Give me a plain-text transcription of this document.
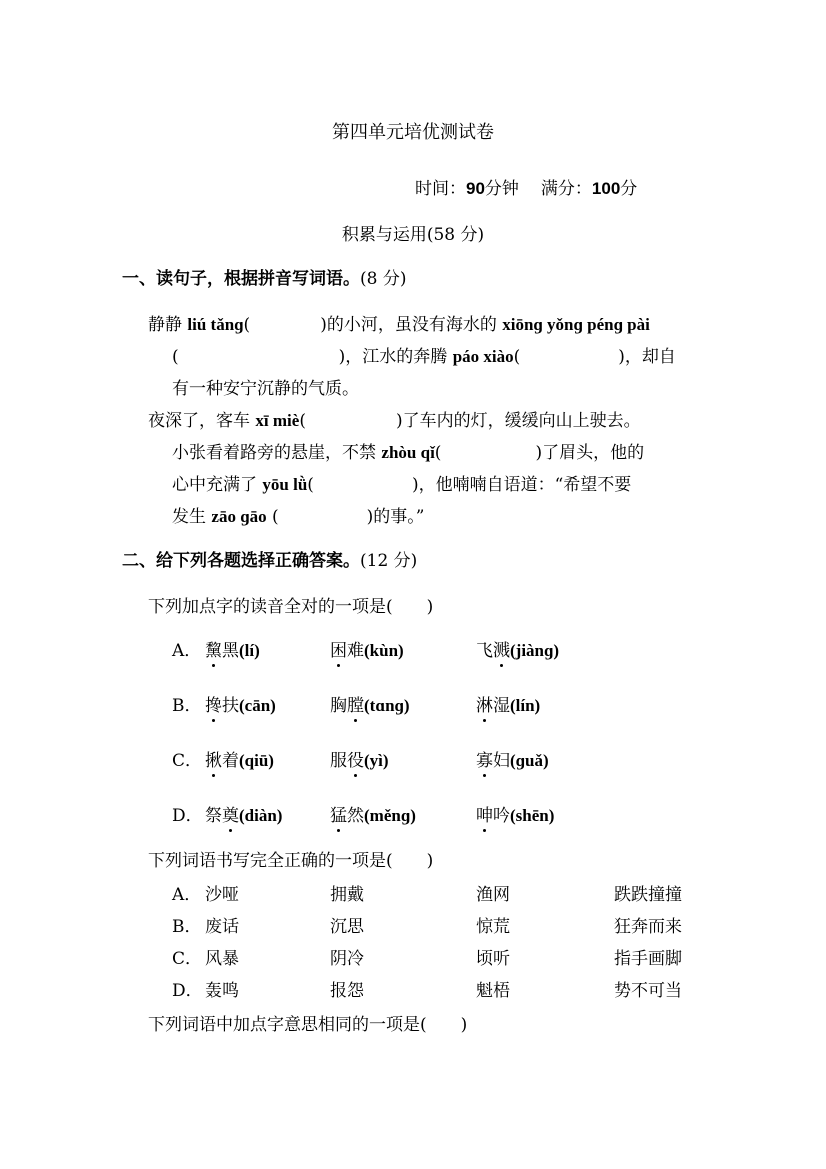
第四单元培优测试卷
时间：90分钟 满分：100分
积累与运用(58 分)
一、读句子，根据拼音写词语。(8 分)
静静 liú tǎnɡ(	)的小河，虽没有海水的 xiōnɡ yǒnɡ pénɡ pài
(	)，江水的奔腾 páo xiào(	)，却自
有一种安宁沉静的气质。
夜深了，客车 xī miè(	)了车内的灯，缓缓向山上驶去。
小张看着路旁的悬崖，不禁 zhòu qǐ(	)了眉头，他的
心中充满了 yōu lǜ(	)，他喃喃自语道：“希望不要
发生 zāo ɡāo (	)的事。”
二、给下列各题选择正确答案。(12 分)
下列加点字的读音全对的一项是(　　)
A． 黧黑(lí)	困难(kùn)	飞溅(jiànɡ)
B． 搀扶(cān)	胸膛(tɑnɡ)	淋湿(lín)
C． 揪着(qiū)	服役(yì)	寡妇(ɡuǎ)
D． 祭奠(diàn)	猛然(měnɡ)	呻吟(shēn)
下列词语书写完全正确的一项是(　　)
A． 沙哑	拥戴	渔网	跌跌撞撞
B． 废话	沉思	惊荒	狂奔而来
C． 风暴	阴冷	顷听	指手画脚
D． 轰鸣	报怨	魁梧	势不可当
下列词语中加点字意思相同的一项是(　　)
